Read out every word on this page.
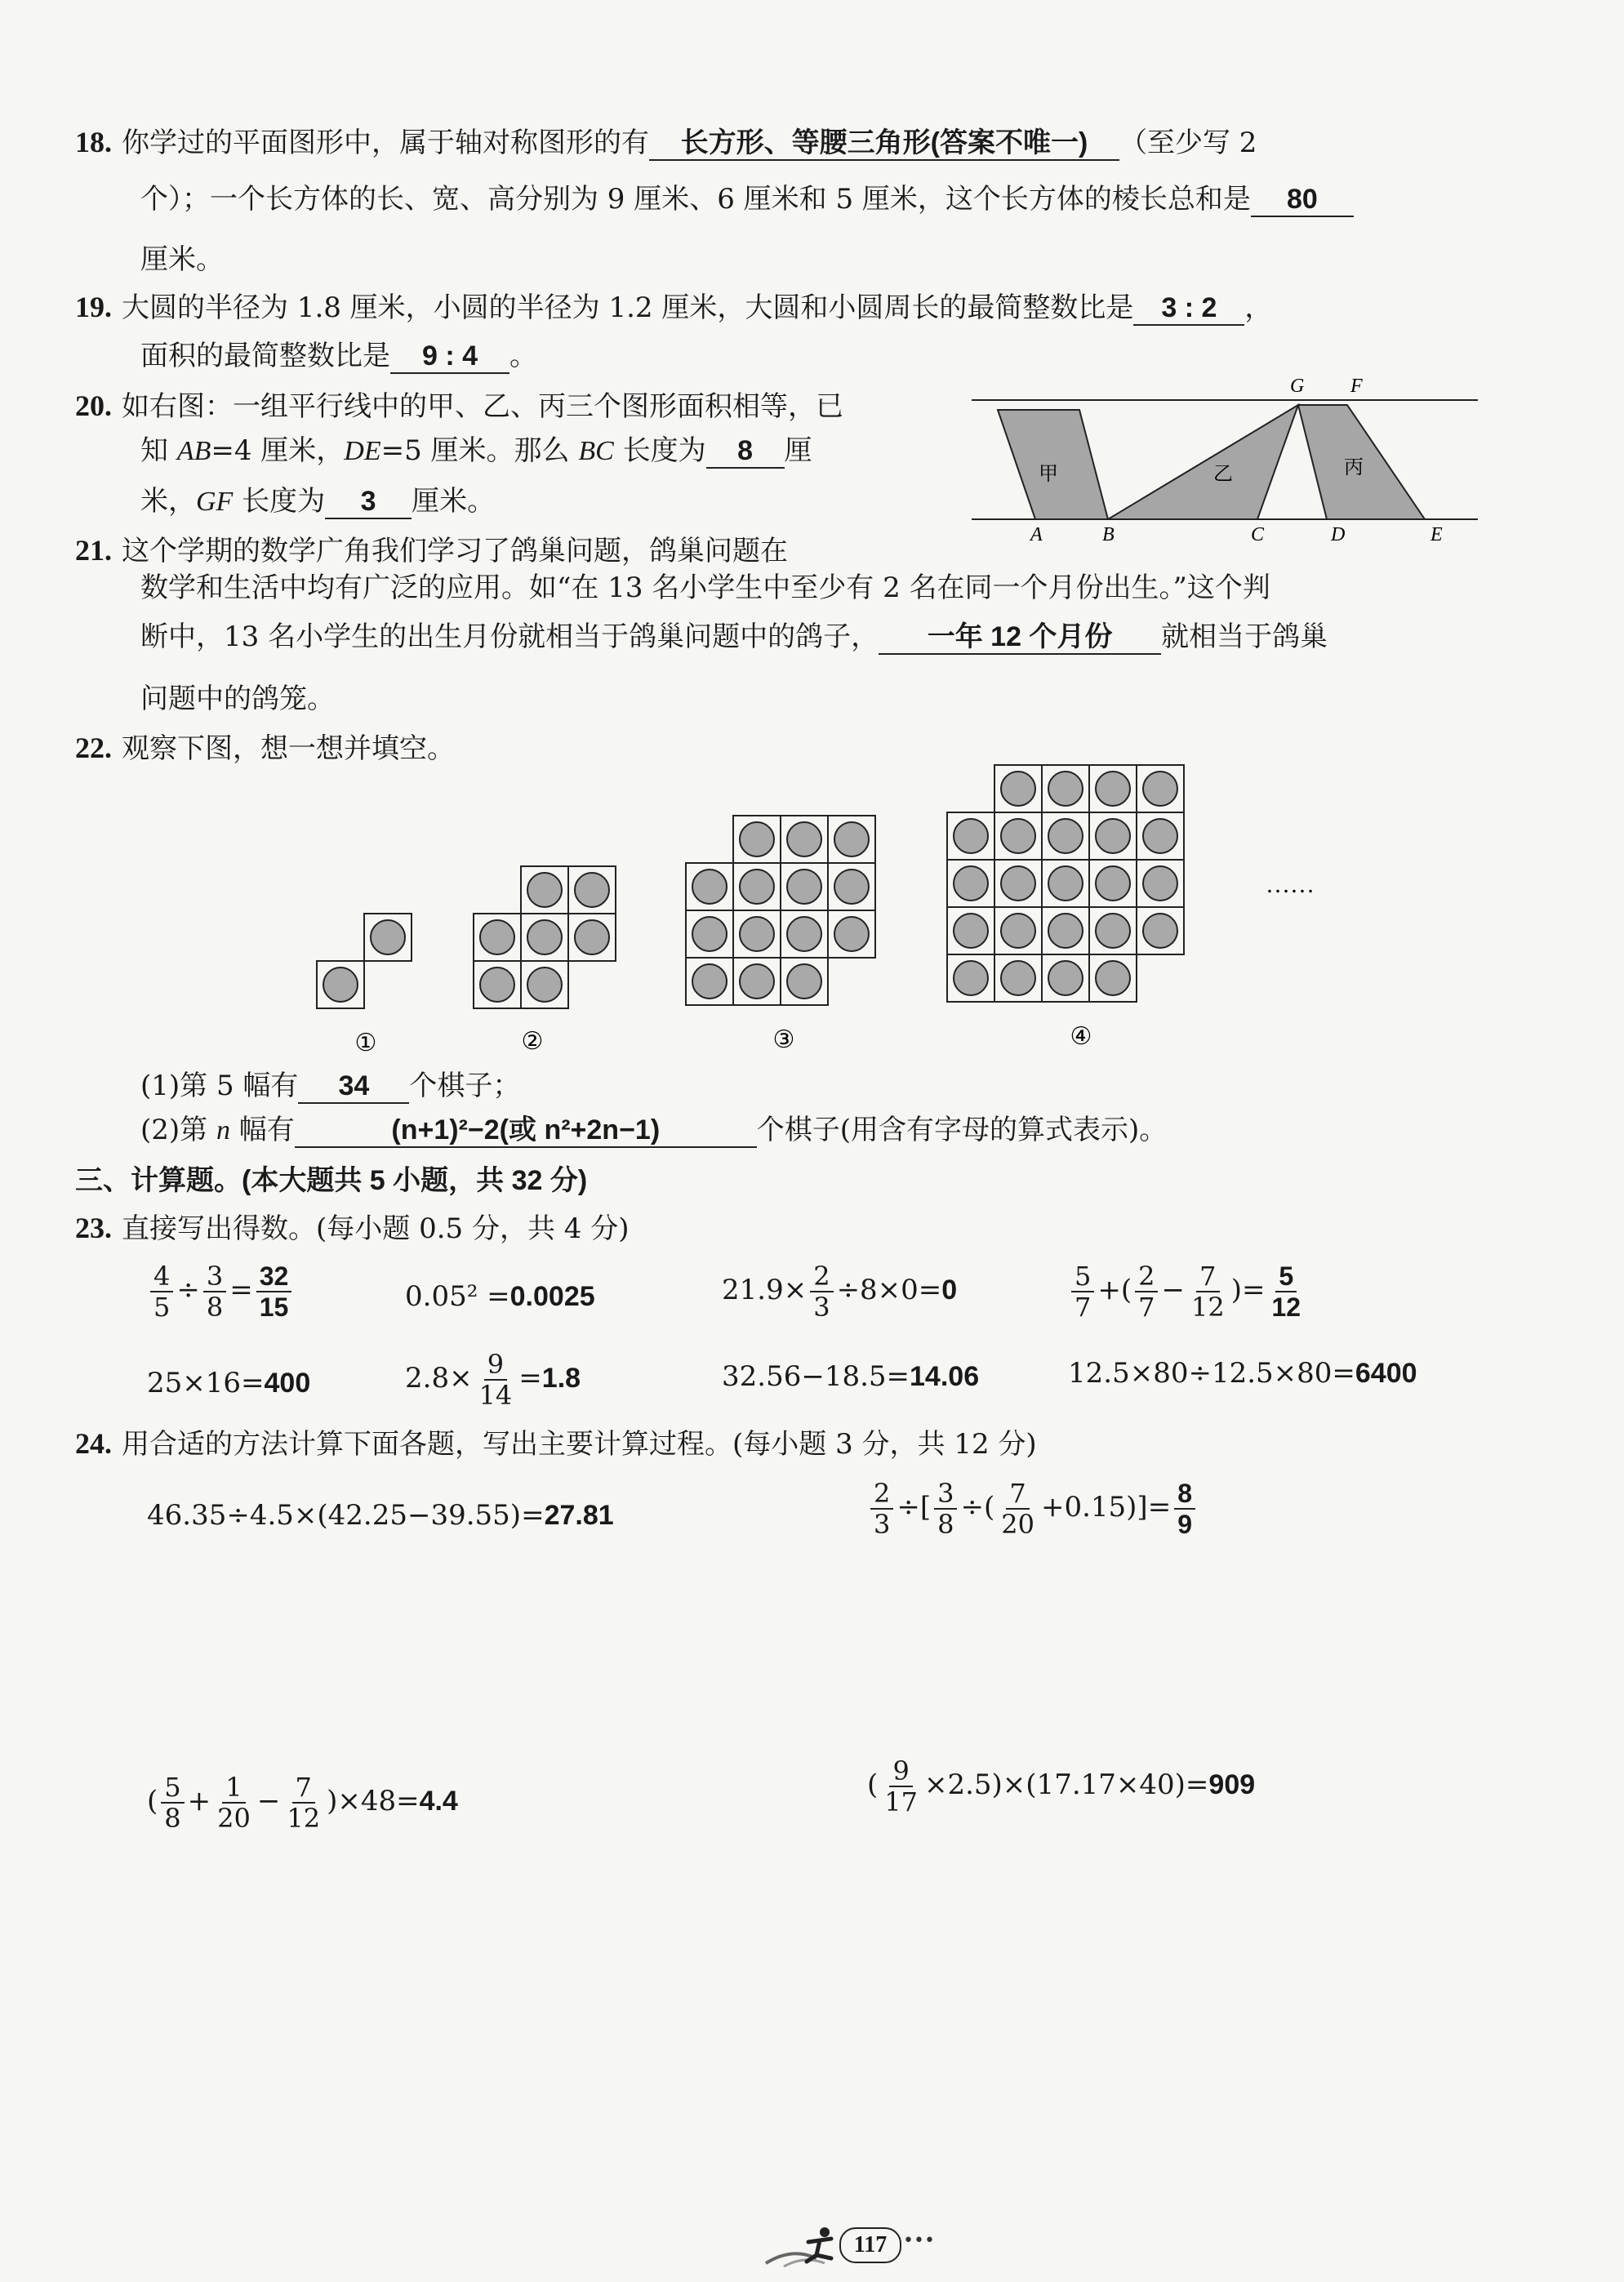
18. 你学过的平面图形中，属于轴对称图形的有 长方形、等腰三角形(答案不唯一) （至少写 2
个）；一个长方体的长、宽、高分别为 9 厘米、6 厘米和 5 厘米，这个长方体的棱长总和是 80
厘米。
19. 大圆的半径为 1.8 厘米，小圆的半径为 1.2 厘米，大圆和小圆周长的最简整数比是 3 : 2 ，
面积的最简整数比是 9 : 4 。
20. 如右图：一组平行线中的甲、乙、丙三个图形面积相等，已
知 AB=4 厘米，DE=5 厘米。那么 BC 长度为 8 厘
米，GF 长度为 3 厘米。
甲	乙	丙
A	B	C	D	E
G F
21. 这个学期的数学广角我们学习了鸽巢问题，鸽巢问题在
数学和生活中均有广泛的应用。如“在 13 名小学生中至少有 2 名在同一个月份出生。”这个判
断中，13 名小学生的出生月份就相当于鸽巢问题中的鸽子， 一年 12 个月份 就相当于鸽巢
问题中的鸽笼。
22. 观察下图，想一想并填空。
①	②	③	④
……
(1)第 5 幅有 34 个棋子；
(2)第 n 幅有	(n+1)²−2(或 n²+2n−1)	个棋子(用含有字母的算式表示)。
三、计算题。(本大题共 5 小题，共 32 分)
23. 直接写出得数。(每小题 0.5 分，共 4 分)
$\frac{4}{5} \div \frac{3}{8} = \frac{32}{15}$	0.05² =0.0025	$21.9\times \frac{2}{3} \div 8\times 0=0$	$\frac{5}{7}$ +( $\frac{2}{7} - \frac{7}{12}$ )= $\frac{5}{12}$
25×16=400	$2.8\times \frac{9}{14} =1.8$	32.56−18.5=14.06	12.5×80÷12.5×80=6400
24. 用合适的方法计算下面各题，写出主要计算过程。(每小题 3 分，共 12 分)
46.35÷4.5×(42.25−39.55)=27.81	$\frac{2}{3}$ ÷[ $\frac{3}{8}$ ÷( $\frac{7}{20} +0.15)]= \frac{8}{9}$
( $\frac{5}{8} + \frac{1}{20} - \frac{7}{12} )\times 48=4.4$	( $\frac{9}{17} \times 2.5)\times(17.17\times 40)=909$
117 •••
